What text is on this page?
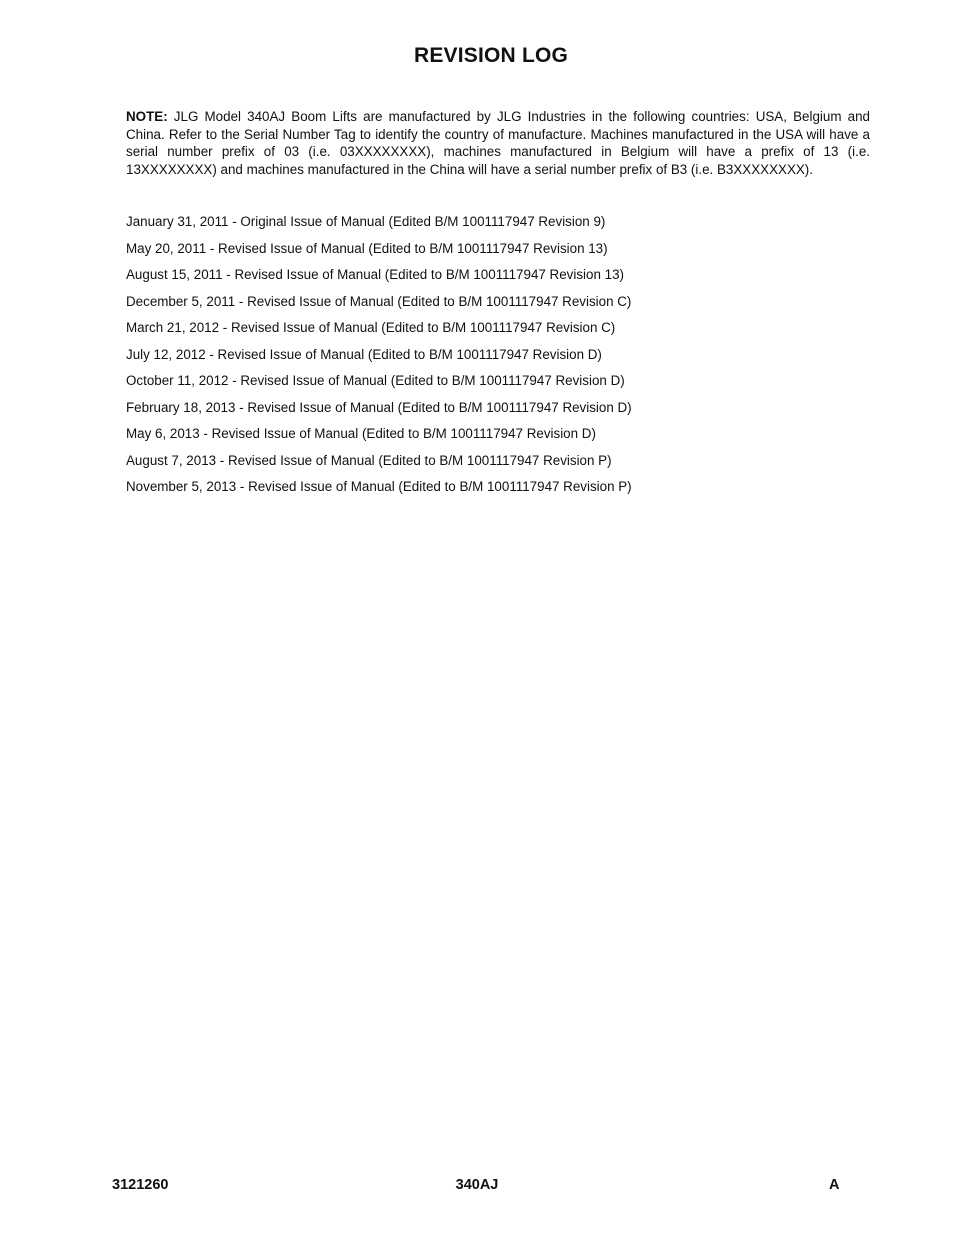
REVISION LOG

NOTE: JLG Model 340AJ Boom Lifts are manufactured by JLG Industries in the following countries: USA, Belgium and China. Refer to the Serial Number Tag to identify the country of manufacture. Machines manufactured in the USA will have a serial number prefix of 03 (i.e. 03XXXXXXXX), machines manufactured in Belgium will have a prefix of 13 (i.e. 13XXXXXXXX) and machines manufactured in the China will have a serial number prefix of B3 (i.e. B3XXXXXXXX).

January 31, 2011 - Original Issue of Manual (Edited B/M 1001117947 Revision 9)
May 20, 2011 - Revised Issue of Manual (Edited to B/M 1001117947 Revision 13)
August 15, 2011 - Revised Issue of Manual (Edited to B/M 1001117947 Revision 13)
December 5, 2011 - Revised Issue of Manual (Edited to B/M 1001117947 Revision C)
March 21, 2012 - Revised Issue of Manual (Edited to B/M 1001117947 Revision C)
July 12, 2012 - Revised Issue of Manual (Edited to B/M 1001117947 Revision D)
October 11, 2012 - Revised Issue of Manual (Edited to B/M 1001117947 Revision D)
February 18, 2013 - Revised Issue of Manual (Edited to B/M 1001117947 Revision D)
May 6, 2013 - Revised Issue of Manual (Edited to B/M 1001117947 Revision D)
August 7, 2013 - Revised Issue of Manual (Edited to B/M 1001117947 Revision P)
November 5, 2013 - Revised Issue of Manual (Edited to B/M 1001117947 Revision P)
3121260	340AJ	A
